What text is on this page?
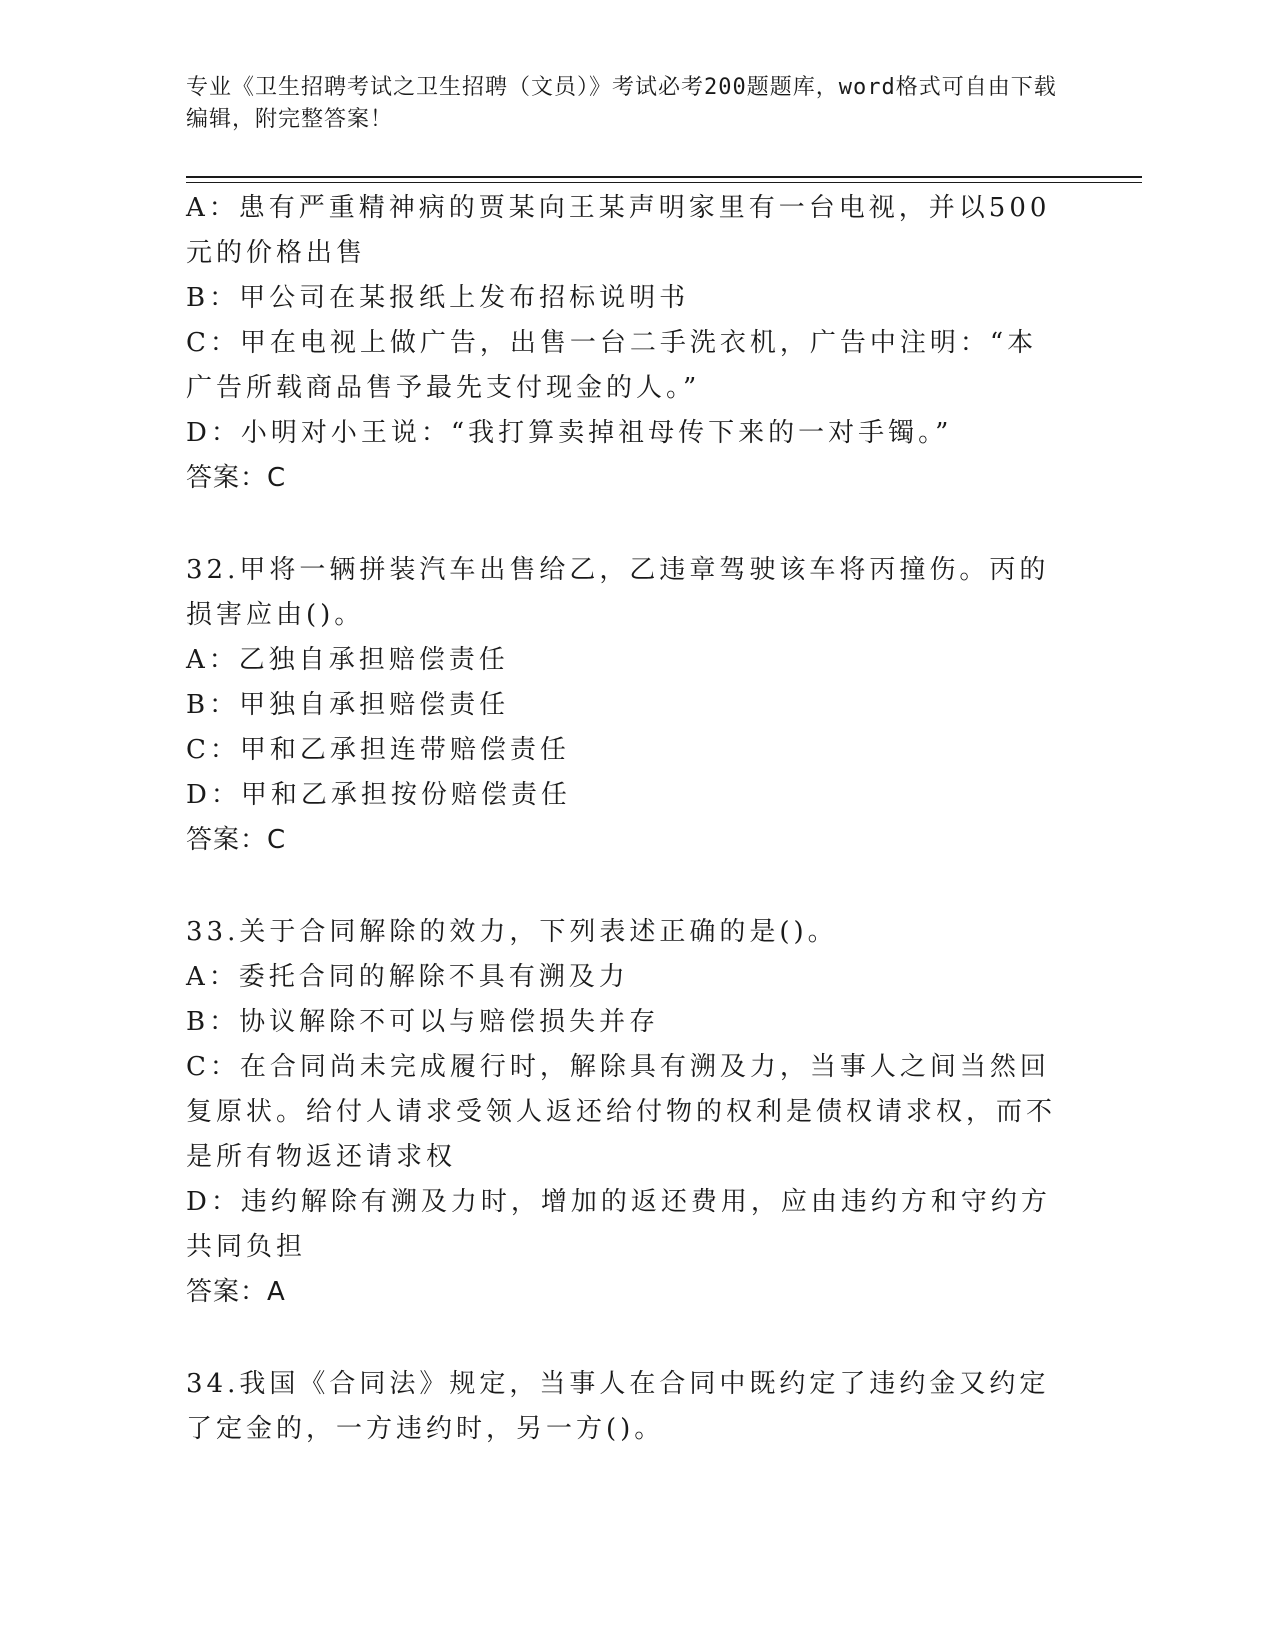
专业《卫生招聘考试之卫生招聘（文员）》考试必考200题题库，word格式可自由下载编辑，附完整答案！
A：患有严重精神病的贾某向王某声明家里有一台电视，并以500元的价格出售
B：甲公司在某报纸上发布招标说明书
C：甲在电视上做广告，出售一台二手洗衣机，广告中注明：“本广告所载商品售予最先支付现金的人。”
D：小明对小王说：“我打算卖掉祖母传下来的一对手镯。”
答案：C
32.甲将一辆拼装汽车出售给乙，乙违章驾驶该车将丙撞伤。丙的损害应由()。
A：乙独自承担赔偿责任
B：甲独自承担赔偿责任
C：甲和乙承担连带赔偿责任
D：甲和乙承担按份赔偿责任
答案：C
33.关于合同解除的效力，下列表述正确的是()。
A：委托合同的解除不具有溯及力
B：协议解除不可以与赔偿损失并存
C：在合同尚未完成履行时，解除具有溯及力，当事人之间当然回复原状。给付人请求受领人返还给付物的权利是债权请求权，而不是所有物返还请求权
D：违约解除有溯及力时，增加的返还费用，应由违约方和守约方共同负担
答案：A
34.我国《合同法》规定，当事人在合同中既约定了违约金又约定了定金的，一方违约时，另一方()。
